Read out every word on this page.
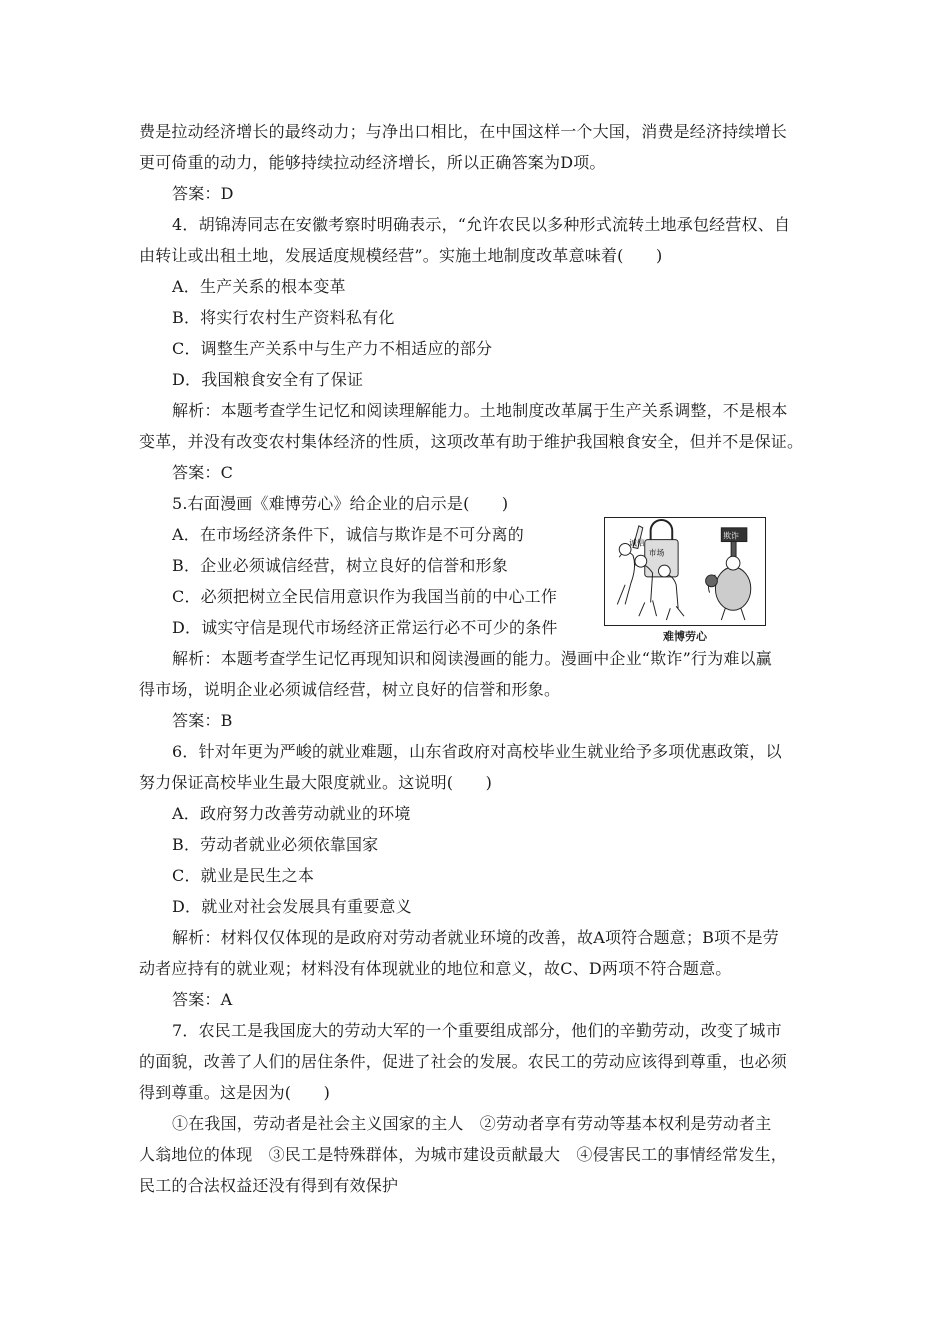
费是拉动经济增长的最终动力；与净出口相比，在中国这样一个大国，消费是经济持续增长
更可倚重的动力，能够持续拉动经济增长，所以正确答案为D项。
答案：D
4．胡锦涛同志在安徽考察时明确表示，“允许农民以多种形式流转土地承包经营权、自
由转让或出租土地，发展适度规模经营”。实施土地制度改革意味着(　　)
A．生产关系的根本变革
B．将实行农村生产资料私有化
C．调整生产关系中与生产力不相适应的部分
D．我国粮食安全有了保证
解析：本题考查学生记忆和阅读理解能力。土地制度改革属于生产关系调整，不是根本
变革，并没有改变农村集体经济的性质，这项改革有助于维护我国粮食安全，但并不是保证。
答案：C
5.右面漫画《难博劳心》给企业的启示是(　　)
A．在市场经济条件下，诚信与欺诈是不可分离的
B．企业必须诚信经营，树立良好的信誉和形象
C．必须把树立全民信用意识作为我国当前的中心工作
D．诚实守信是现代市场经济正常运行必不可少的条件
解析：本题考查学生记忆再现知识和阅读漫画的能力。漫画中企业“欺诈”行为难以赢
得市场，说明企业必须诚信经营，树立良好的信誉和形象。
答案：B
6．针对年更为严峻的就业难题，山东省政府对高校毕业生就业给予多项优惠政策，以
努力保证高校毕业生最大限度就业。这说明(　　)
A．政府努力改善劳动就业的环境
B．劳动者就业必须依靠国家
C．就业是民生之本
D．就业对社会发展具有重要意义
解析：材料仅仅体现的是政府对劳动者就业环境的改善，故A项符合题意；B项不是劳
动者应持有的就业观；材料没有体现就业的地位和意义，故C、D两项不符合题意。
答案：A
7．农民工是我国庞大的劳动大军的一个重要组成部分，他们的辛勤劳动，改变了城市
的面貌，改善了人们的居住条件，促进了社会的发展。农民工的劳动应该得到尊重，也必须
得到尊重。这是因为(　　)
①在我国，劳动者是社会主义国家的主人　②劳动者享有劳动等基本权利是劳动者主
人翁地位的体现　③民工是特殊群体，为城市建设贡献最大　④侵害民工的事情经常发生，
民工的合法权益还没有得到有效保护
市场
诚信
欺诈
难博劳心
